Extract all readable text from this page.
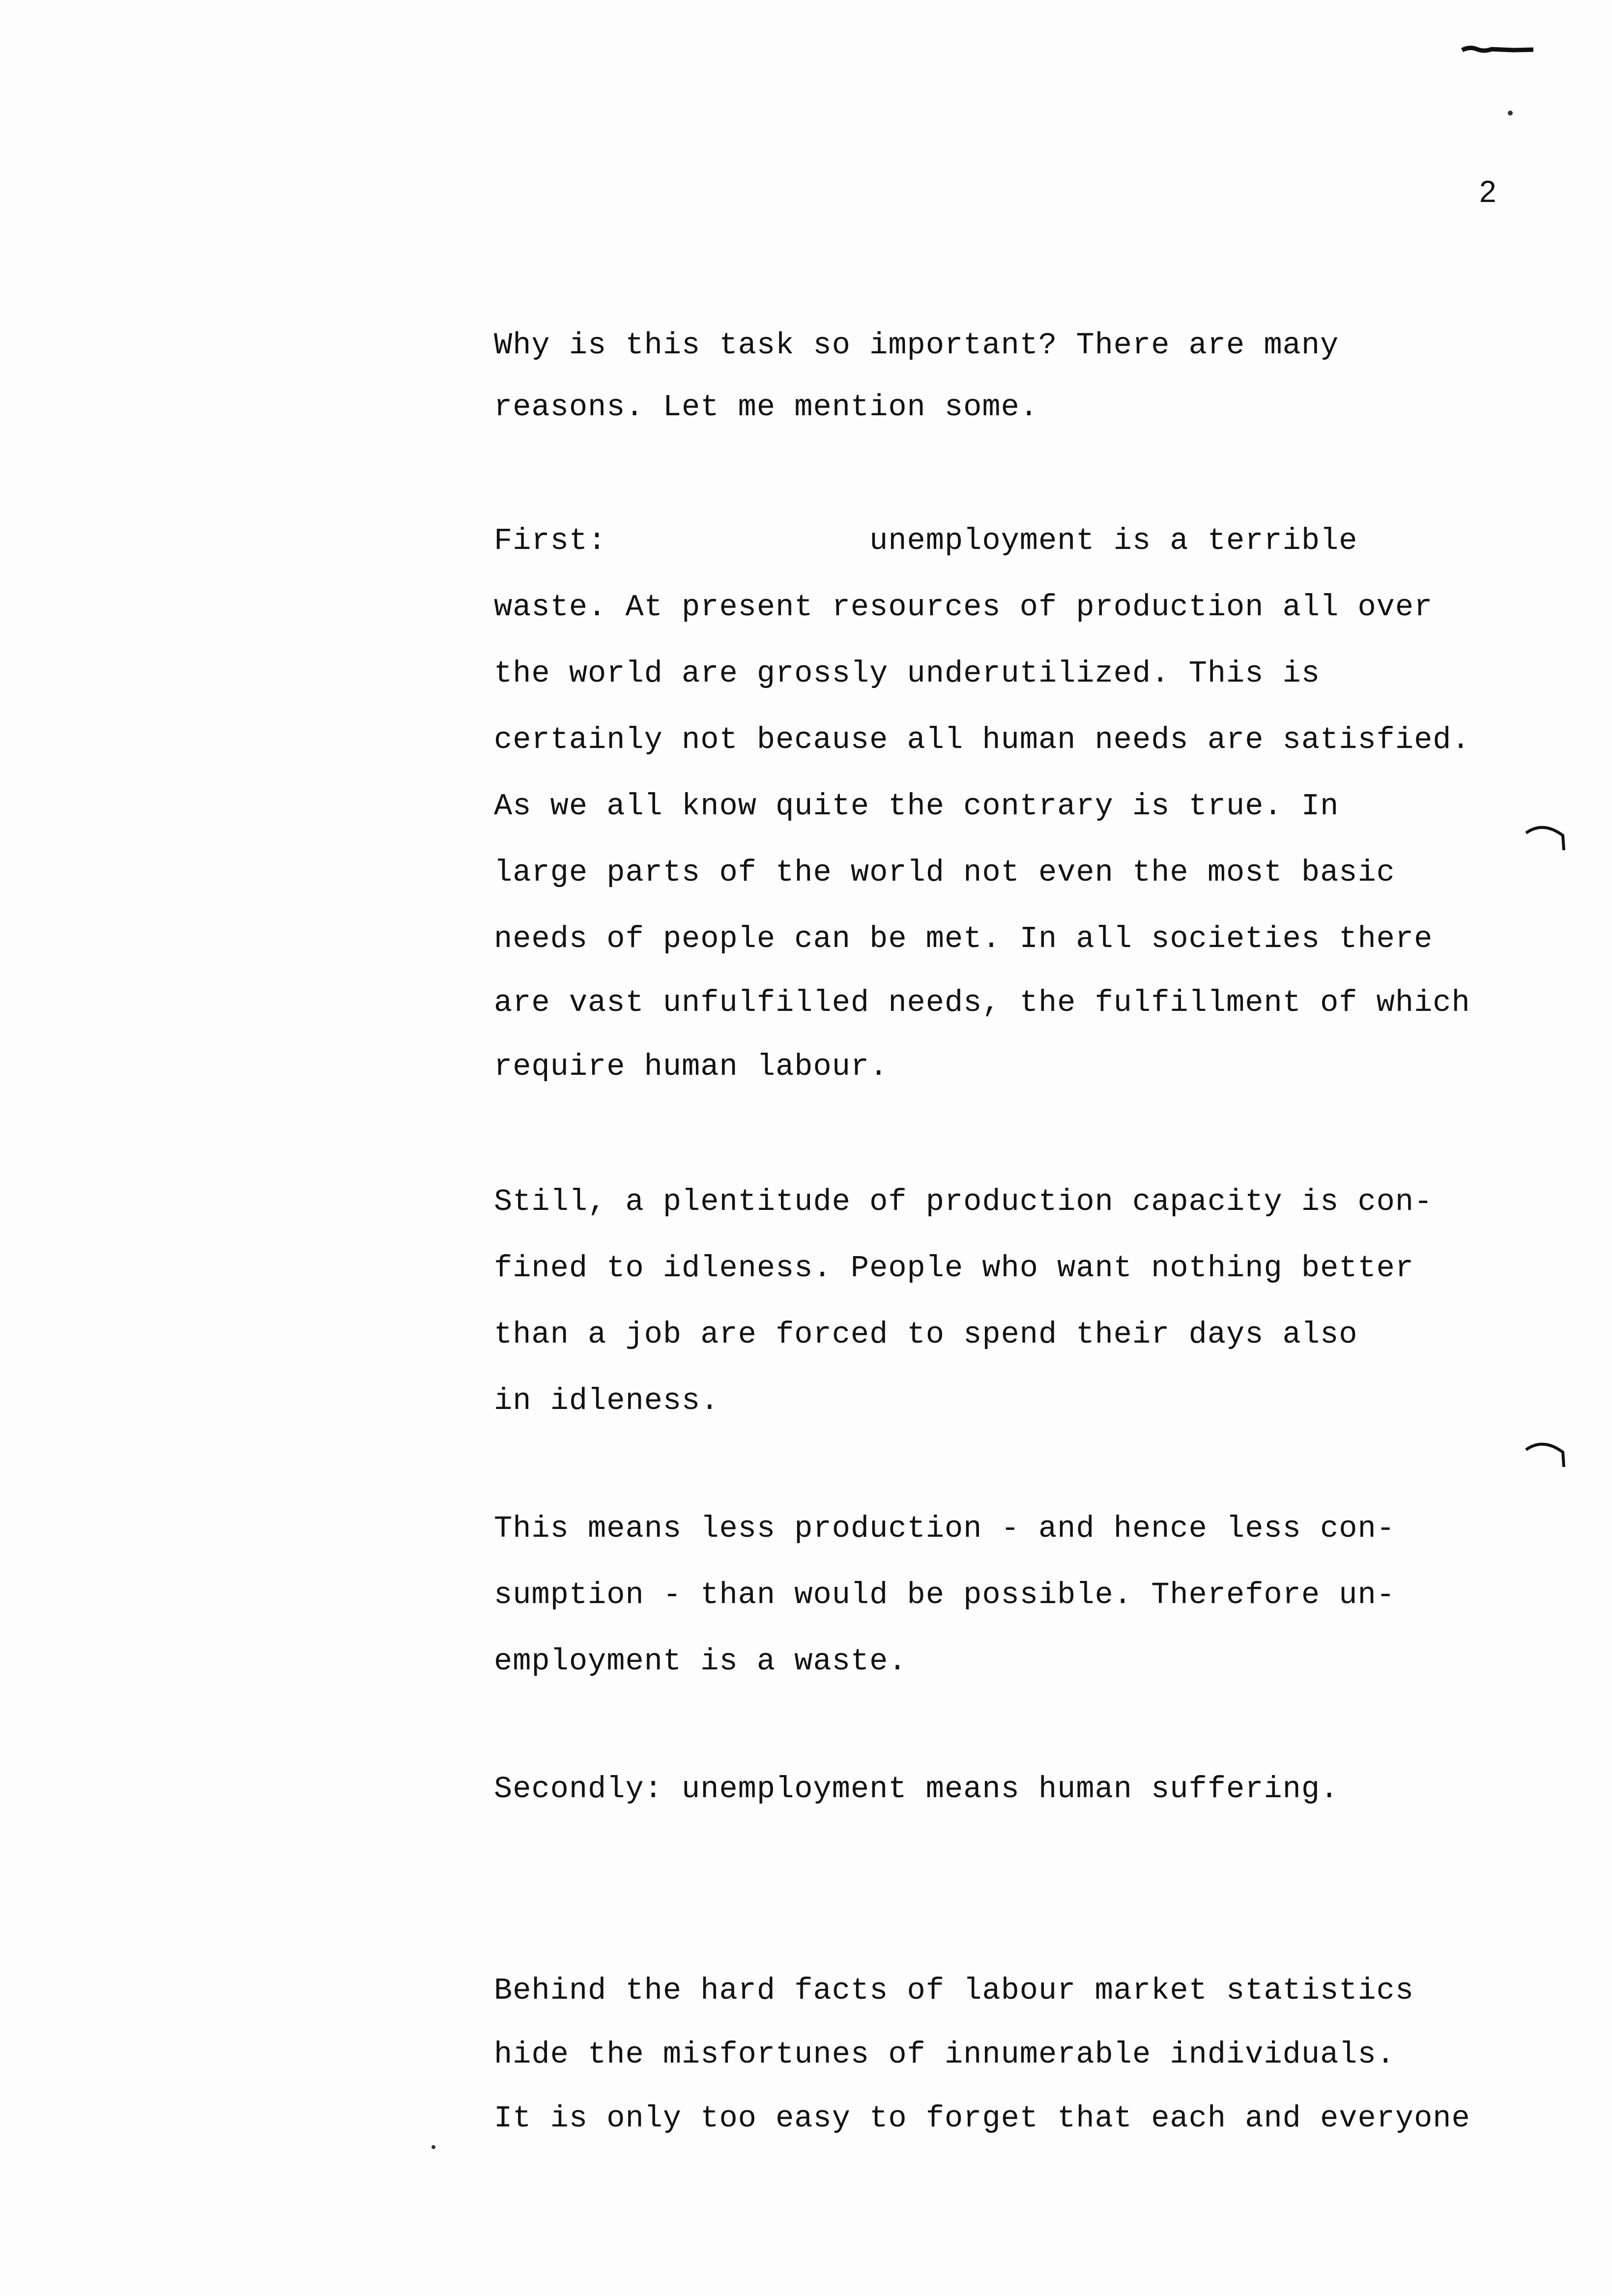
2
Why is this task so important? There are many
reasons. Let me mention some.
First:              unemployment is a terrible
waste. At present resources of production all over
the world are grossly underutilized. This is
certainly not because all human needs are satisfied.
As we all know quite the contrary is true. In
large parts of the world not even the most basic
needs of people can be met. In all societies there
are vast unfulfilled needs, the fulfillment of which
require human labour.
Still, a plentitude of production capacity is con-
fined to idleness. People who want nothing better
than a job are forced to spend their days also
in idleness.
This means less production - and hence less con-
sumption - than would be possible. Therefore un-
employment is a waste.
Secondly: unemployment means human suffering.
Behind the hard facts of labour market statistics
hide the misfortunes of innumerable individuals.
It is only too easy to forget that each and everyone
